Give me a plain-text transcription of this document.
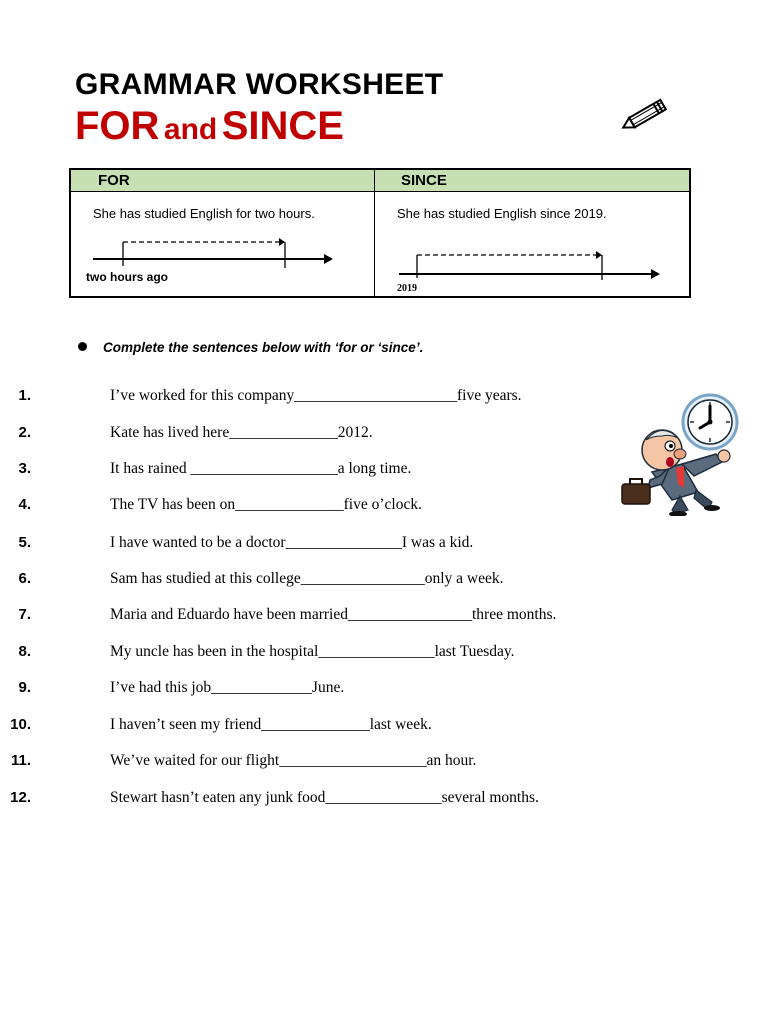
GRAMMAR WORKSHEET
FOR and SINCE
FOR
She has studied English for two hours.
two hours ago
SINCE
She has studied English since 2019.
2019
Complete the sentences below with ‘for or ‘since’.
1.	I’ve worked for this company_____________________five years.
2.	Kate has lived here______________2012.
3.	It has rained ___________________a long time.
4.	The TV has been on______________five o’clock.
5.	I have wanted to be a doctor_______________I was a kid.
6.	Sam has studied at this college________________only a week.
7.	Maria and Eduardo have been married________________three months.
8.	My uncle has been in the hospital_______________last Tuesday.
9.	I’ve had this job_____________June.
10.	I haven’t seen my friend______________last week.
11.	We’ve waited for our flight___________________an hour.
12.	Stewart hasn’t eaten any junk food_______________several months.
